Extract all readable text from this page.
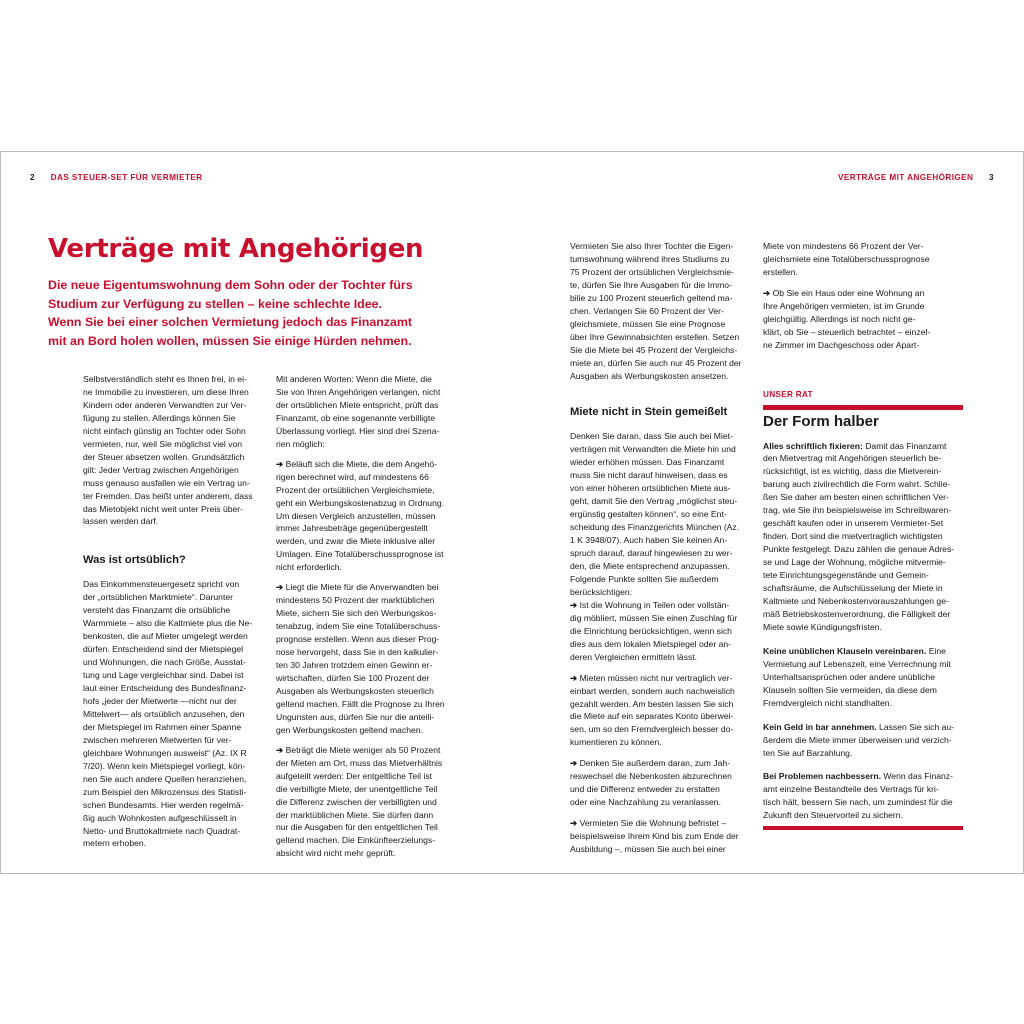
2 DAS STEUER-SET FÜR VERMIETER	VERTRÄGE MIT ANGEHÖRIGEN 3
Verträge mit Angehörigen

Die neue Eigentumswohnung dem Sohn oder der Tochter fürs
Studium zur Verfügung zu stellen – keine schlechte Idee.
Wenn Sie bei einer solchen Vermietung jedoch das Finanzamt
mit an Bord holen wollen, müssen Sie einige Hürden nehmen.

Selbstverständlich steht es Ihnen frei, in ei-
ne Immobilie zu investieren, um diese Ihren
Kindern oder anderen Verwandten zur Ver-
fügung zu stellen. Allerdings können Sie
nicht einfach günstig an Tochter oder Sohn
vermieten, nur, weil Sie möglichst viel von
der Steuer absetzen wollen. Grundsätzlich
gilt: Jeder Vertrag zwischen Angehörigen
muss genauso ausfallen wie ein Vertrag un-
ter Fremden. Das heißt unter anderem, dass
das Mietobjekt nicht weit unter Preis über-
lassen werden darf.

Was ist ortsüblich?

Das Einkommensteuergesetz spricht von
der „ortsüblichen Marktmiete“. Darunter
versteht das Finanzamt die ortsübliche
Warmmiete – also die Kaltmiete plus die Ne-
benkosten, die auf Mieter umgelegt werden
dürfen. Entscheidend sind der Mietspiegel
und Wohnungen, die nach Größe, Ausstat-
tung und Lage vergleichbar sind. Dabei ist
laut einer Entscheidung des Bundesfinanz-
hofs „jeder der Mietwerte —nicht nur der
Mittelwert— als ortsüblich anzusehen, den
der Mietspiegel im Rahmen einer Spanne
zwischen mehreren Mietwerten für ver-
gleichbare Wohnungen ausweist“ (Az. IX R
7/20). Wenn kein Mietspiegel vorliegt, kön-
nen Sie auch andere Quellen heranziehen,
zum Beispiel den Mikrozensus des Statisti-
schen Bundesamts. Hier werden regelmä-
ßig auch Wohnkosten aufgeschlüsselt in
Netto- und Bruttokaltmiete nach Quadrat-
metern erhoben.

Mit anderen Worten: Wenn die Miete, die
Sie von Ihren Angehörigen verlangen, nicht
der ortsüblichen Miete entspricht, prüft das
Finanzamt, ob eine sogenannte verbilligte
Überlassung vorliegt. Hier sind drei Szena-
rien möglich:

➔ Beläuft sich die Miete, die dem Angehö-
rigen berechnet wird, auf mindestens 66
Prozent der ortsüblichen Vergleichsmiete,
geht ein Werbungskostenabzug in Ordnung.
Um diesen Vergleich anzustellen, müssen
immer Jahresbeträge gegenübergestellt
werden, und zwar die Miete inklusive aller
Umlagen. Eine Totalüberschussprognose ist
nicht erforderlich.

➔ Liegt die Miete für die Anverwandten bei
mindestens 50 Prozent der marktüblichen
Miete, sichern Sie sich den Werbungskos-
tenabzug, indem Sie eine Totalüberschuss-
prognose erstellen. Wenn aus dieser Prog-
nose hervorgeht, dass Sie in den kalkulier-
ten 30 Jahren trotzdem einen Gewinn er-
wirtschaften, dürfen Sie 100 Prozent der
Ausgaben als Werbungskosten steuerlich
geltend machen. Fällt die Prognose zu Ihren
Ungunsten aus, dürfen Sie nur die anteili-
gen Werbungskosten geltend machen.

➔ Beträgt die Miete weniger als 50 Prozent
der Mieten am Ort, muss das Mietverhältnis
aufgeteilt werden: Der entgeltliche Teil ist
die verbilligte Miete, der unentgeltliche Teil
die Differenz zwischen der verbilligten und
der marktüblichen Miete. Sie dürfen dann
nur die Ausgaben für den entgeltlichen Teil
geltend machen. Die Einkünfteerzielungs-
absicht wird nicht mehr geprüft.

Vermieten Sie also Ihrer Tochter die Eigen-
tumswohnung während ihres Studiums zu
75 Prozent der ortsüblichen Vergleichsmie-
te, dürfen Sie Ihre Ausgaben für die Immo-
bilie zu 100 Prozent steuerlich geltend ma-
chen. Verlangen Sie 60 Prozent der Ver-
gleichsmiete, müssen Sie eine Prognose
über Ihre Gewinnabsichten erstellen. Setzen
Sie die Miete bei 45 Prozent der Vergleichs-
miete an, dürfen Sie auch nur 45 Prozent der
Ausgaben als Werbungskosten ansetzen.

Miete nicht in Stein gemeißelt

Denken Sie daran, dass Sie auch bei Miet-
verträgen mit Verwandten die Miete hin und
wieder erhöhen müssen. Das Finanzamt
muss Sie nicht darauf hinweisen, dass es
von einer höheren ortsüblichen Miete aus-
geht, damit Sie den Vertrag „möglichst steu-
ergünstig gestalten können“, so eine Ent-
scheidung des Finanzgerichts München (Az.
1 K 3948/07). Auch haben Sie keinen An-
spruch darauf, darauf hingewiesen zu wer-
den, die Miete entsprechend anzupassen.
Folgende Punkte sollten Sie außerdem
berücksichtigen:

➔ Ist die Wohnung in Teilen oder vollstän-
dig möbliert, müssen Sie einen Zuschlag für
die Einrichtung berücksichtigen, wenn sich
dies aus dem lokalen Mietspiegel oder an-
deren Vergleichen ermitteln lässt.

➔ Mieten müssen nicht nur vertraglich ver-
einbart werden, sondern auch nachweislich
gezahlt werden. Am besten lassen Sie sich
die Miete auf ein separates Konto überwei-
sen, um so den Fremdvergleich besser do-
kumentieren zu können.

➔ Denken Sie außerdem daran, zum Jah-
reswechsel die Nebenkosten abzurechnen
und die Differenz entweder zu erstatten
oder eine Nachzahlung zu veranlassen.

➔ Vermieten Sie die Wohnung befristet –
beispielsweise Ihrem Kind bis zum Ende der
Ausbildung –, müssen Sie auch bei einer

Miete von mindestens 66 Prozent der Ver-
gleichsmiete eine Totalüberschussprognose
erstellen.

➔ Ob Sie ein Haus oder eine Wohnung an
Ihre Angehörigen vermieten, ist im Grunde
gleichgültig. Allerdings ist noch nicht ge-
klärt, ob Sie – steuerlich betrachtet – einzel-
ne Zimmer im Dachgeschoss oder Apart-

UNSER RAT
Der Form halber

Alles schriftlich fixieren: Damit das Finanzamt
den Mietvertrag mit Angehörigen steuerlich be-
rücksichtigt, ist es wichtig, dass die Mietverein-
barung auch zivilrechtlich die Form wahrt. Schlie-
ßen Sie daher am besten einen schriftlichen Ver-
trag, wie Sie ihn beispielsweise im Schreibwaren-
geschäft kaufen oder in unserem Vermieter-Set
finden. Dort sind die mietvertraglich wichtigsten
Punkte festgelegt. Dazu zählen die genaue Adres-
se und Lage der Wohnung, mögliche mitvermie-
tete Einrichtungsgegenstände und Gemein-
schaftsräume, die Aufschlüsselung der Miete in
Kaltmiete und Nebenkostenvorauszahlungen ge-
mäß Betriebskostenverordnung, die Fälligkeit der
Miete sowie Kündigungsfristen.

Keine unüblichen Klauseln vereinbaren. Eine
Vermietung auf Lebenszeit, eine Verrechnung mit
Unterhaltsansprüchen oder andere unübliche
Klauseln sollten Sie vermeiden, da diese dem
Fremdvergleich nicht standhalten.

Kein Geld in bar annehmen. Lassen Sie sich au-
ßerdem die Miete immer überweisen und verzich-
ten Sie auf Barzahlung.

Bei Problemen nachbessern. Wenn das Finanz-
amt einzelne Bestandteile des Vertrags für kri-
tisch hält, bessern Sie nach, um zumindest für die
Zukunft den Steuervorteil zu sichern.
